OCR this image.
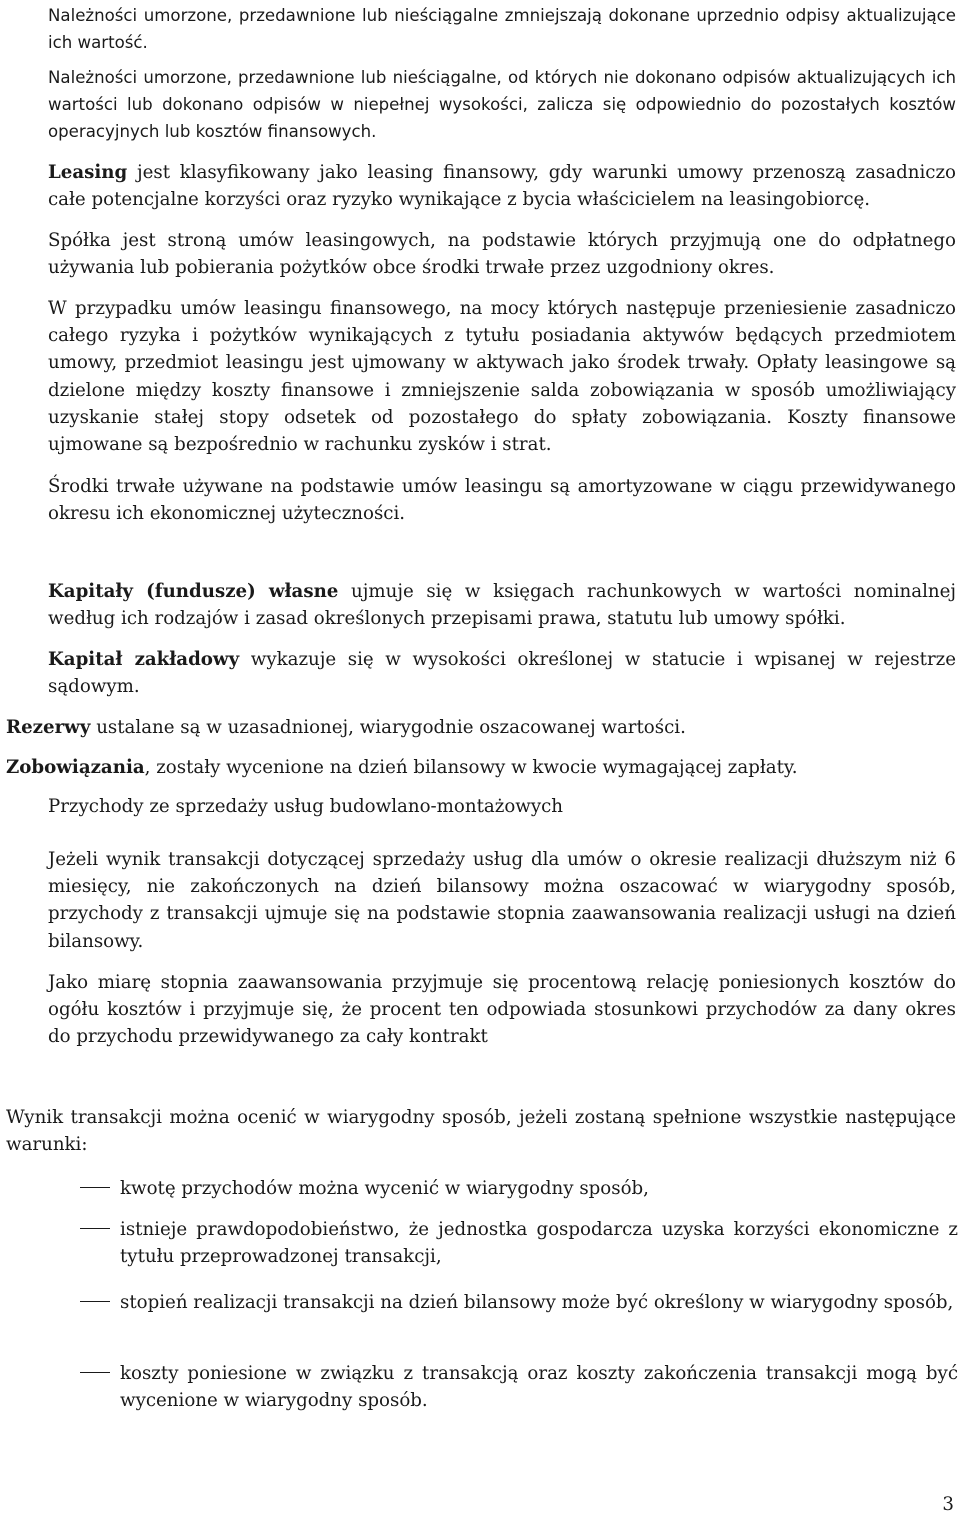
Należności umorzone, przedawnione lub nieściągalne zmniejszają dokonane uprzednio odpisy aktualizujące ich wartość.

Należności umorzone, przedawnione lub nieściągalne, od których nie dokonano odpisów aktualizujących ich wartości lub dokonano odpisów w niepełnej wysokości, zalicza się odpowiednio do pozostałych kosztów operacyjnych lub kosztów finansowych.

Leasing jest klasyfikowany jako leasing finansowy, gdy warunki umowy przenoszą zasadniczo całe potencjalne korzyści oraz ryzyko wynikające z bycia właścicielem na leasingobiorcę.

Spółka jest stroną umów leasingowych, na podstawie których przyjmują one do odpłatnego używania lub pobierania pożytków obce środki trwałe przez uzgodniony okres.

W przypadku umów leasingu finansowego, na mocy których następuje przeniesienie zasadniczo całego ryzyka i pożytków wynikających z tytułu posiadania aktywów będących przedmiotem umowy, przedmiot leasingu jest ujmowany w aktywach jako środek trwały. Opłaty leasingowe są dzielone między koszty finansowe i zmniejszenie salda zobowiązania w sposób umożliwiający uzyskanie stałej stopy odsetek od pozostałego do spłaty zobowiązania. Koszty finansowe ujmowane są bezpośrednio w rachunku zysków i strat.

Środki trwałe używane na podstawie umów leasingu są amortyzowane w ciągu przewidywanego okresu ich ekonomicznej użyteczności.

Kapitały (fundusze) własne ujmuje się w księgach rachunkowych w wartości nominalnej według ich rodzajów i zasad określonych przepisami prawa, statutu lub umowy spółki.

Kapitał zakładowy wykazuje się w wysokości określonej w statucie i wpisanej w rejestrze sądowym.

Rezerwy ustalane są w uzasadnionej, wiarygodnie oszacowanej wartości.

Zobowiązania, zostały wycenione na dzień bilansowy w kwocie wymagającej zapłaty.

Przychody ze sprzedaży usług budowlano-montażowych

Jeżeli wynik transakcji dotyczącej sprzedaży usług dla umów o okresie realizacji dłuższym niż 6 miesięcy, nie zakończonych na dzień bilansowy można oszacować w wiarygodny sposób, przychody z transakcji ujmuje się na podstawie stopnia zaawansowania realizacji usługi na dzień bilansowy.

Jako miarę stopnia zaawansowania przyjmuje się procentową relację poniesionych kosztów do ogółu kosztów i przyjmuje się, że procent ten odpowiada stosunkowi przychodów za dany okres do przychodu przewidywanego za cały kontrakt

Wynik transakcji można ocenić w wiarygodny sposób, jeżeli zostaną spełnione wszystkie następujące warunki:

kwotę przychodów można wycenić w wiarygodny sposób,

istnieje prawdopodobieństwo, że jednostka gospodarcza uzyska korzyści ekonomiczne z tytułu przeprowadzonej transakcji,

stopień realizacji transakcji na dzień bilansowy może być określony w wiarygodny sposób,

koszty poniesione w związku z transakcją oraz koszty zakończenia transakcji mogą być wycenione w wiarygodny sposób.

3
